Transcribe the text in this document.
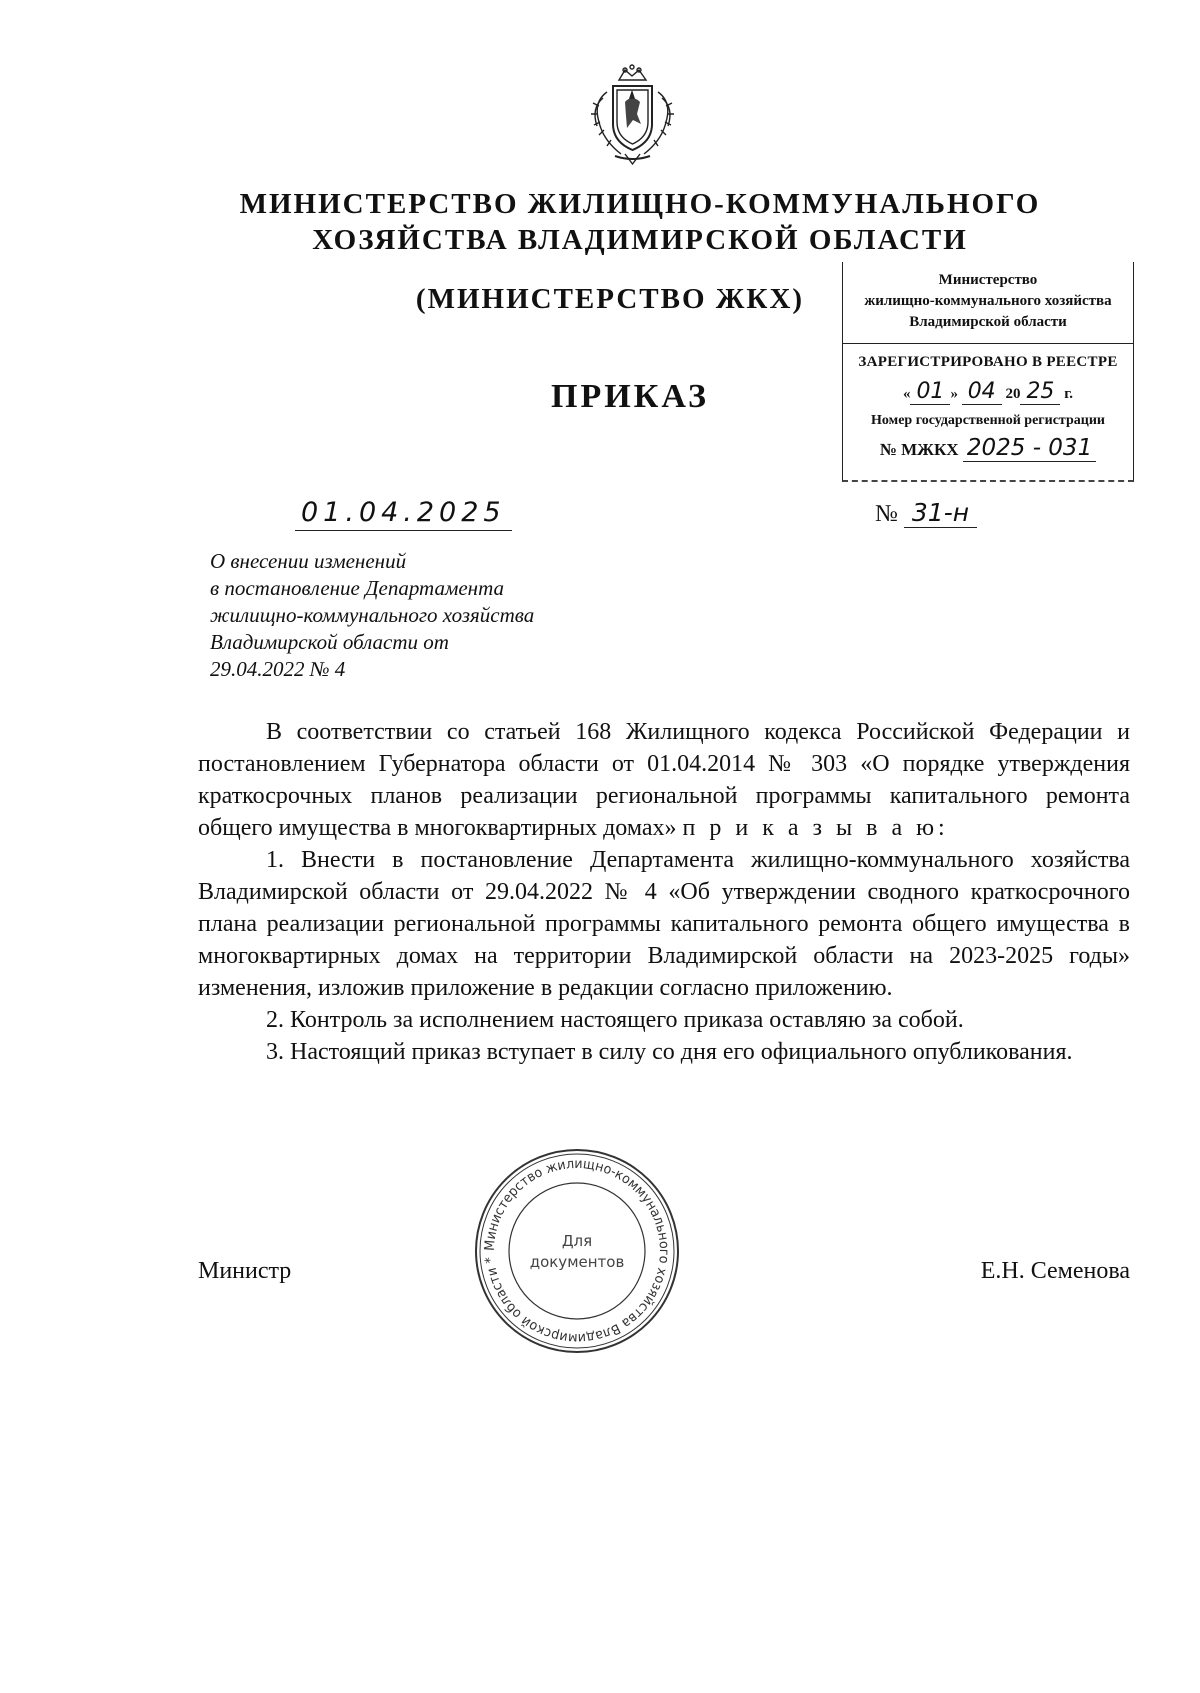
МИНИСТЕРСТВО ЖИЛИЩНО-КОММУНАЛЬНОГО
ХОЗЯЙСТВА ВЛАДИМИРСКОЙ ОБЛАСТИ
(МИНИСТЕРСТВО ЖКХ)
ПРИКАЗ
Министерство
жилищно-коммунального хозяйства
Владимирской области
ЗАРЕГИСТРИРОВАНО В РЕЕСТРЕ
« 01 » 04 20 25 г.
Номер государственной регистрации
№ МЖКХ 2025 - 031
01.04.2025	№ 31-н
О внесении изменений
в постановление Департамента
жилищно-коммунального хозяйства
Владимирской области от
29.04.2022 № 4

В соответствии со статьей 168 Жилищного кодекса Российской Федерации и постановлением Губернатора области от 01.04.2014 № 303 «О порядке утверждения краткосрочных планов реализации региональной программы капитального ремонта общего имущества в многоквартирных домах» п р и к а з ы в а ю:

1. Внести в постановление Департамента жилищно-коммунального хозяйства Владимирской области от 29.04.2022 № 4 «Об утверждении сводного краткосрочного плана реализации региональной программы капитального ремонта общего имущества в многоквартирных домах на территории Владимирской области на 2023-2025 годы» изменения, изложив приложение в редакции согласно приложению.

2. Контроль за исполнением настоящего приказа оставляю за собой.

3. Настоящий приказ вступает в силу со дня его официального опубликования.

Министр	Е.Н. Семенова
Министерство жилищно-коммунального хозяйства Владимирской области *
Для
документов
